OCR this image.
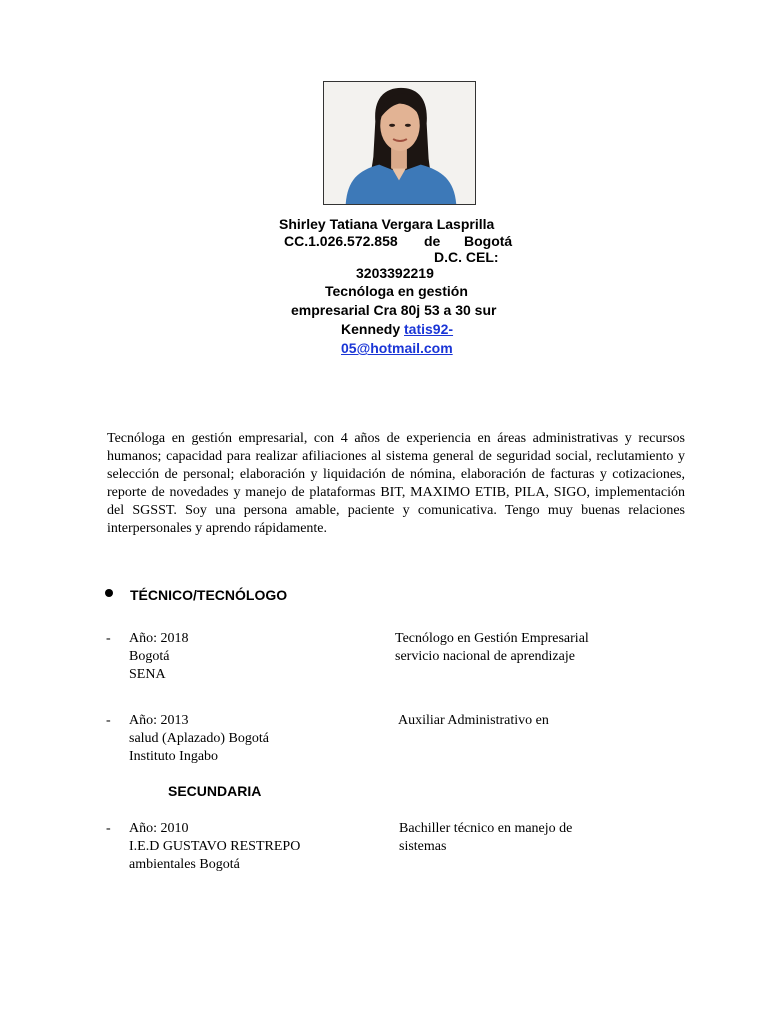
Shirley Tatiana Vergara Lasprilla
CC.1.026.572.858 de Bogotá
D.C. CEL:
3203392219
Tecnóloga en gestión
empresarial Cra 80j 53 a 30 sur
Kennedy tatis92-
05@hotmail.com
Tecnóloga en gestión empresarial, con 4 años de experiencia en áreas administrativas y recursos humanos; capacidad para realizar afiliaciones al sistema general de seguridad social, reclutamiento y selección de personal; elaboración y liquidación de nómina, elaboración de facturas y cotizaciones, reporte de novedades y manejo de plataformas BIT, MAXIMO ETIB, PILA, SIGO, implementación del SGSST. Soy una persona amable, paciente y comunicativa. Tengo muy buenas relaciones interpersonales y aprendo rápidamente.
TÉCNICO/TECNÓLOGO
- Año: 2018
Bogotá
SENA
Tecnólogo en Gestión Empresarial
servicio nacional de aprendizaje
- Año: 2013
salud (Aplazado) Bogotá
Instituto Ingabo
Auxiliar Administrativo en
SECUNDARIA
- Año: 2010
I.E.D GUSTAVO RESTREPO
ambientales Bogotá
Bachiller técnico en manejo de
sistemas
